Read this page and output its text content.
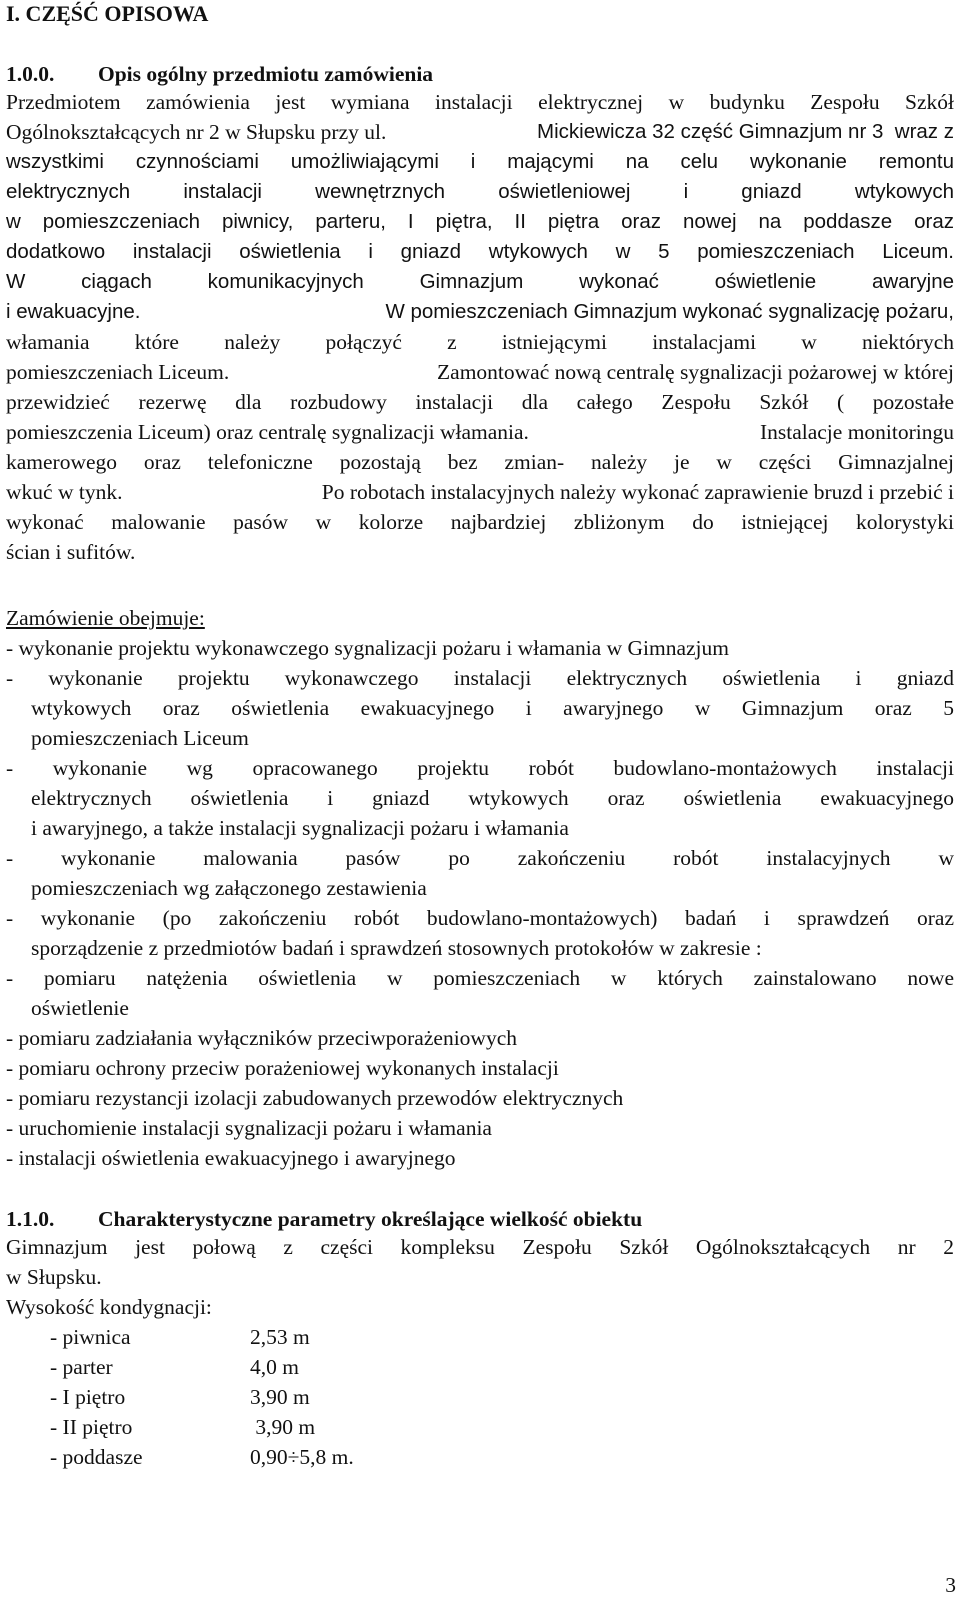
I. CZĘŚĆ OPISOWA
1.0.0. Opis ogólny przedmiotu zamówienia
Przedmiotem zamówienia jest wymiana instalacji elektrycznej w budynku Zespołu Szkół
Ogólnokształcących nr 2 w Słupsku przy ul.	Mickiewicza 32 część Gimnazjum nr 3  wraz z
wszystkimi czynnościami umożliwiającymi i mającymi na celu wykonanie remontu
elektrycznych instalacji wewnętrznych oświetleniowej i gniazd wtykowych
w pomieszczeniach piwnicy, parteru, I piętra, II piętra oraz nowej na poddasze oraz
dodatkowo instalacji oświetlenia i gniazd wtykowych w 5 pomieszczeniach Liceum.
W ciągach komunikacyjnych Gimnazjum wykonać oświetlenie awaryjne
i ewakuacyjne.	W pomieszczeniach Gimnazjum wykonać sygnalizację pożaru,
włamania które należy połączyć z istniejącymi instalacjami w niektórych
pomieszczeniach Liceum.	Zamontować nową centralę sygnalizacji pożarowej w której
przewidzieć rezerwę dla rozbudowy instalacji dla całego Zespołu Szkół ( pozostałe
pomieszczenia Liceum) oraz centralę sygnalizacji włamania.	Instalacje monitoringu
kamerowego oraz telefoniczne pozostają bez zmian- należy je w części Gimnazjalnej
wkuć w tynk.	Po robotach instalacyjnych należy wykonać zaprawienie bruzd i przebić i
wykonać malowanie pasów w kolorze najbardziej zbliżonym do istniejącej kolorystyki
ścian i sufitów.
Zamówienie obejmuje:
- wykonanie projektu wykonawczego sygnalizacji pożaru i włamania w Gimnazjum
- wykonanie projektu wykonawczego instalacji elektrycznych oświetlenia i gniazd
wtykowych oraz oświetlenia ewakuacyjnego i awaryjnego w Gimnazjum oraz 5
pomieszczeniach Liceum
- wykonanie wg opracowanego projektu robót budowlano-montażowych instalacji
elektrycznych oświetlenia i gniazd wtykowych oraz oświetlenia ewakuacyjnego
i awaryjnego, a także instalacji sygnalizacji pożaru i włamania
- wykonanie malowania pasów po zakończeniu robót instalacyjnych w
pomieszczeniach wg załączonego zestawienia
- wykonanie (po zakończeniu robót budowlano-montażowych) badań i sprawdzeń oraz
sporządzenie z przedmiotów badań i sprawdzeń stosownych protokołów w zakresie :
- pomiaru natężenia oświetlenia w pomieszczeniach w których zainstalowano nowe
oświetlenie
- pomiaru zadziałania wyłączników przeciwporażeniowych
- pomiaru ochrony przeciw porażeniowej wykonanych instalacji
- pomiaru rezystancji izolacji zabudowanych przewodów elektrycznych
- uruchomienie instalacji sygnalizacji pożaru i włamania
- instalacji oświetlenia ewakuacyjnego i awaryjnego
1.1.0. Charakterystyczne parametry określające wielkość obiektu
Gimnazjum jest połową z części kompleksu Zespołu Szkół Ogólnokształcących nr 2
w Słupsku.
Wysokość kondygnacji:
- piwnica	2,53 m
- parter	4,0 m
- I piętro	3,90 m
- II piętro	3,90 m
- poddasze	0,90÷5,8 m.
3
